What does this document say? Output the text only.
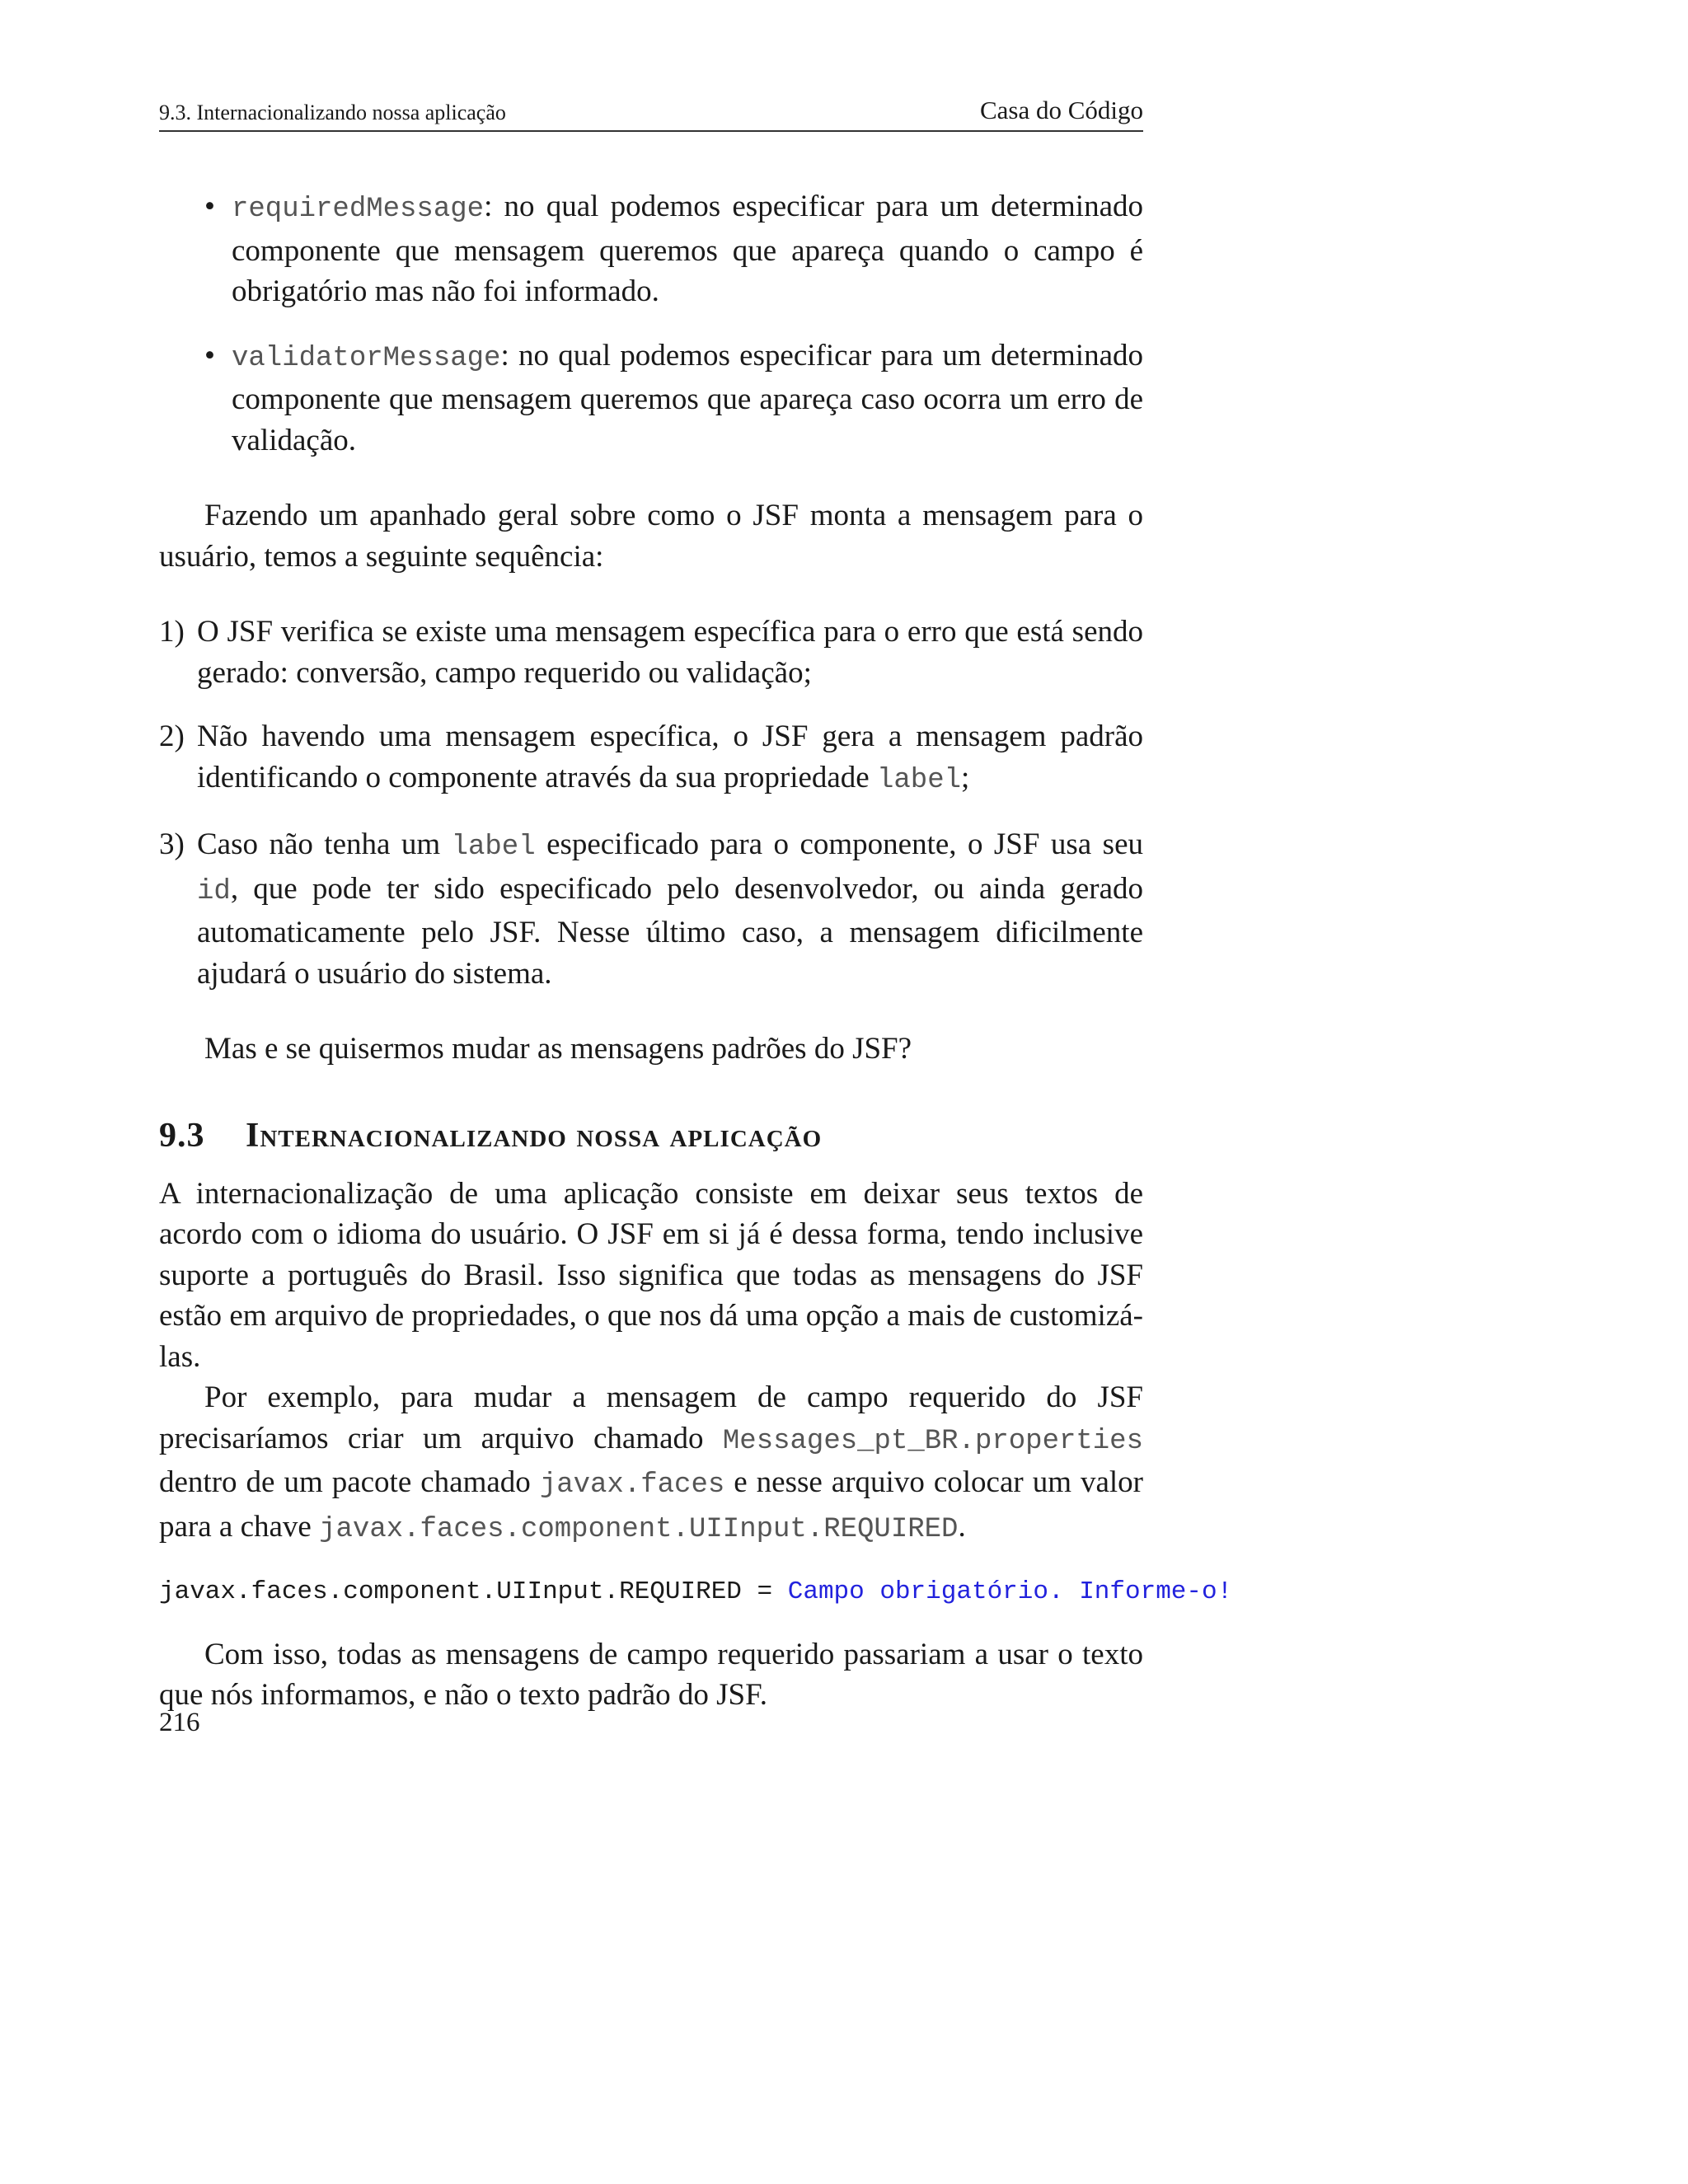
9.3. Internacionalizando nossa aplicação	Casa do Código
• requiredMessage: no qual podemos especificar para um determinado componente que mensagem queremos que apareça quando o campo é obrigatório mas não foi informado.
• validatorMessage: no qual podemos especificar para um determinado componente que mensagem queremos que apareça caso ocorra um erro de validação.

Fazendo um apanhado geral sobre como o JSF monta a mensagem para o usuário, temos a seguinte sequência:

1) O JSF verifica se existe uma mensagem específica para o erro que está sendo gerado: conversão, campo requerido ou validação;
2) Não havendo uma mensagem específica, o JSF gera a mensagem padrão identificando o componente através da sua propriedade label;
3) Caso não tenha um label especificado para o componente, o JSF usa seu id, que pode ter sido especificado pelo desenvolvedor, ou ainda gerado automaticamente pelo JSF. Nesse último caso, a mensagem dificilmente ajudará o usuário do sistema.

Mas e se quisermos mudar as mensagens padrões do JSF?

9.3 Internacionalizando nossa aplicação

A internacionalização de uma aplicação consiste em deixar seus textos de acordo com o idioma do usuário. O JSF em si já é dessa forma, tendo inclusive suporte a português do Brasil. Isso significa que todas as mensagens do JSF estão em arquivo de propriedades, o que nos dá uma opção a mais de customizá-las.

Por exemplo, para mudar a mensagem de campo requerido do JSF precisaríamos criar um arquivo chamado Messages_pt_BR.properties dentro de um pacote chamado javax.faces e nesse arquivo colocar um valor para a chave javax.faces.component.UIInput.REQUIRED.

javax.faces.component.UIInput.REQUIRED = Campo obrigatório. Informe-o!

Com isso, todas as mensagens de campo requerido passariam a usar o texto que nós informamos, e não o texto padrão do JSF.

216
